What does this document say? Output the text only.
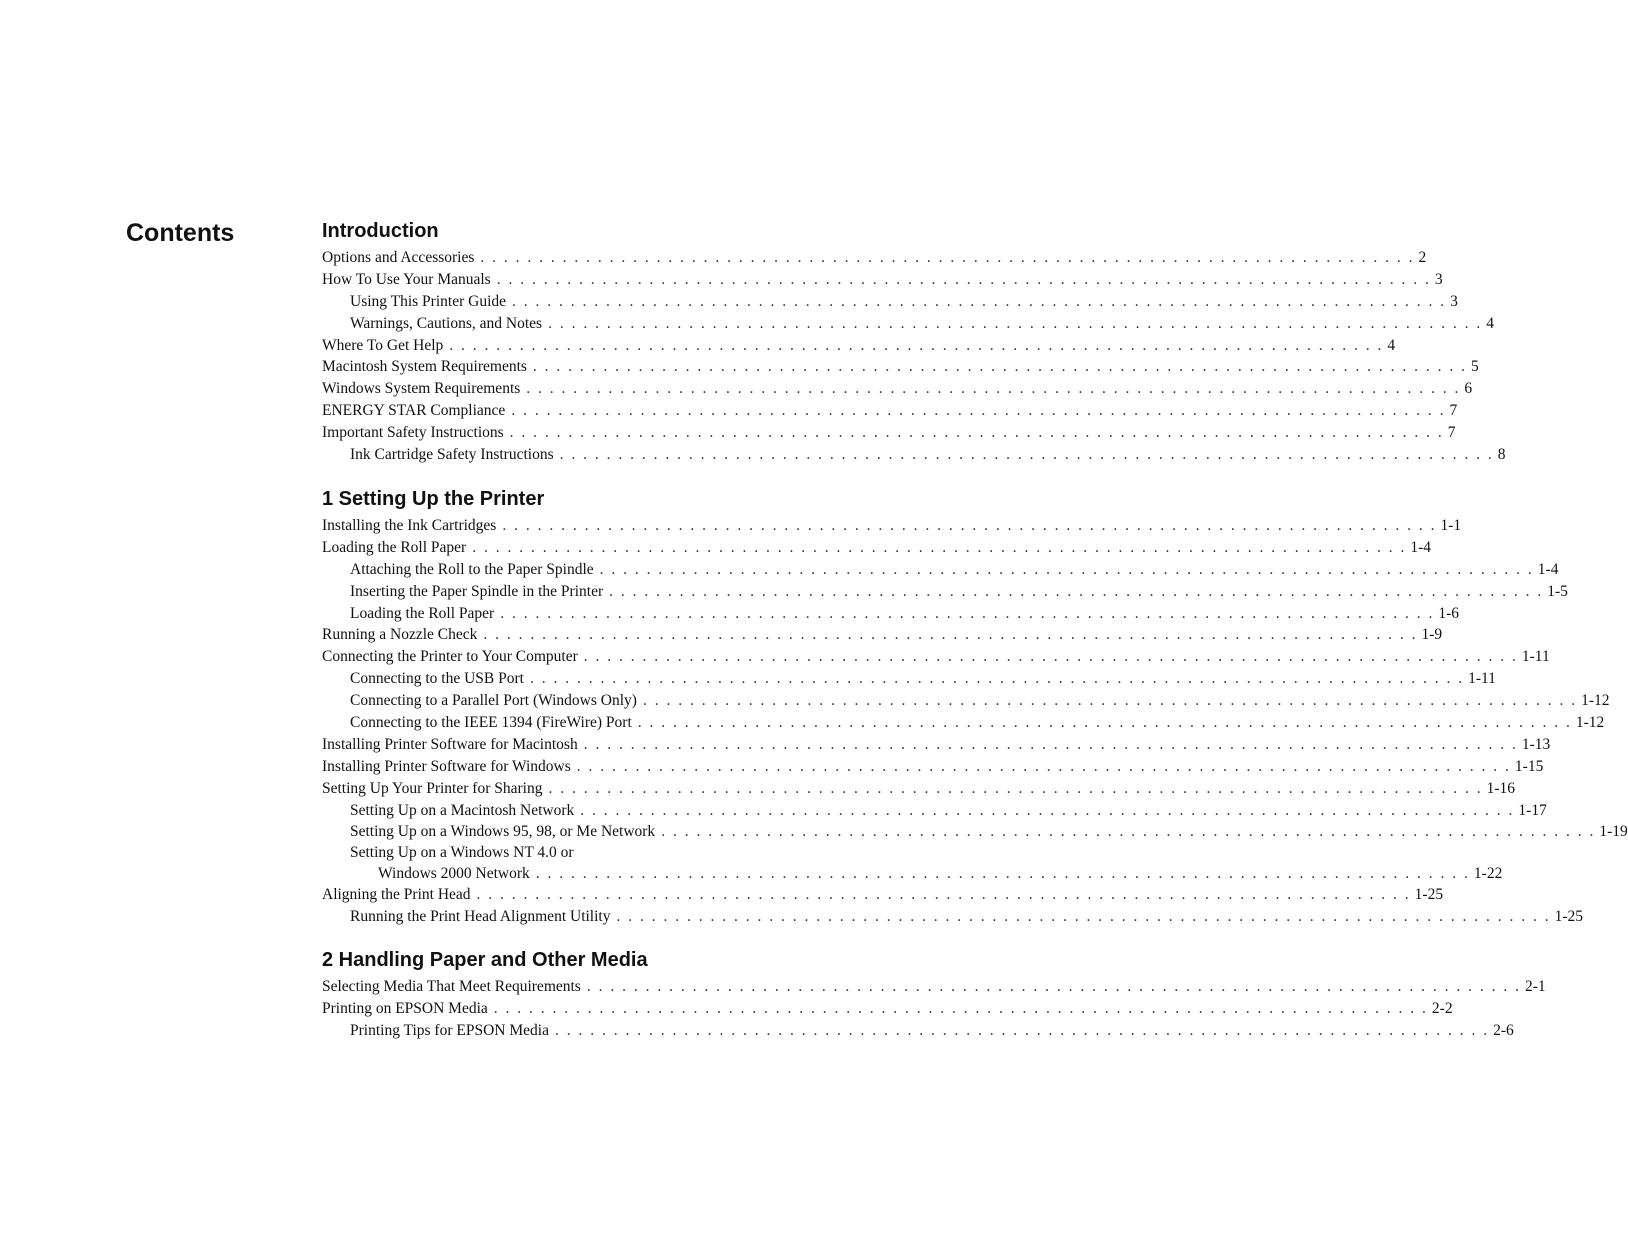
Contents	Introduction
Options and Accessories . . . . . . . . . . . . . . . . . . . . . . . . . . . . . . . . . . . . . . . . . . . . . . . . . . . . . . . . . . . . . . . . . . . . . . . . . . . . . . . . 2
How To Use Your Manuals . . . . . . . . . . . . . . . . . . . . . . . . . . . . . . . . . . . . . . . . . . . . . . . . . . . . . . . . . . . . . . . . . . . . . . . . . . . . . . . . 3
Using This Printer Guide . . . . . . . . . . . . . . . . . . . . . . . . . . . . . . . . . . . . . . . . . . . . . . . . . . . . . . . . . . . . . . . . . . . . . . . . . . . . . . . . 3
Warnings, Cautions, and Notes . . . . . . . . . . . . . . . . . . . . . . . . . . . . . . . . . . . . . . . . . . . . . . . . . . . . . . . . . . . . . . . . . . . . . . . . . . . . . . . . 4
Where To Get Help . . . . . . . . . . . . . . . . . . . . . . . . . . . . . . . . . . . . . . . . . . . . . . . . . . . . . . . . . . . . . . . . . . . . . . . . . . . . . . . . 4
Macintosh System Requirements . . . . . . . . . . . . . . . . . . . . . . . . . . . . . . . . . . . . . . . . . . . . . . . . . . . . . . . . . . . . . . . . . . . . . . . . . . . . . . . . 5
Windows System Requirements . . . . . . . . . . . . . . . . . . . . . . . . . . . . . . . . . . . . . . . . . . . . . . . . . . . . . . . . . . . . . . . . . . . . . . . . . . . . . . . . 6
ENERGY STAR Compliance . . . . . . . . . . . . . . . . . . . . . . . . . . . . . . . . . . . . . . . . . . . . . . . . . . . . . . . . . . . . . . . . . . . . . . . . . . . . . . . . 7
Important Safety Instructions . . . . . . . . . . . . . . . . . . . . . . . . . . . . . . . . . . . . . . . . . . . . . . . . . . . . . . . . . . . . . . . . . . . . . . . . . . . . . . . . 7
Ink Cartridge Safety Instructions . . . . . . . . . . . . . . . . . . . . . . . . . . . . . . . . . . . . . . . . . . . . . . . . . . . . . . . . . . . . . . . . . . . . . . . . . . . . . . . . 8
1 Setting Up the Printer
Installing the Ink Cartridges . . . . . . . . . . . . . . . . . . . . . . . . . . . . . . . . . . . . . . . . . . . . . . . . . . . . . . . . . . . . . . . . . . . . . . . . . . . . . . . . 1-1
Loading the Roll Paper . . . . . . . . . . . . . . . . . . . . . . . . . . . . . . . . . . . . . . . . . . . . . . . . . . . . . . . . . . . . . . . . . . . . . . . . . . . . . . . . 1-4
Attaching the Roll to the Paper Spindle . . . . . . . . . . . . . . . . . . . . . . . . . . . . . . . . . . . . . . . . . . . . . . . . . . . . . . . . . . . . . . . . . . . . . . . . . . . . . . . . 1-4
Inserting the Paper Spindle in the Printer . . . . . . . . . . . . . . . . . . . . . . . . . . . . . . . . . . . . . . . . . . . . . . . . . . . . . . . . . . . . . . . . . . . . . . . . . . . . . . . . 1-5
Loading the Roll Paper . . . . . . . . . . . . . . . . . . . . . . . . . . . . . . . . . . . . . . . . . . . . . . . . . . . . . . . . . . . . . . . . . . . . . . . . . . . . . . . . 1-6
Running a Nozzle Check . . . . . . . . . . . . . . . . . . . . . . . . . . . . . . . . . . . . . . . . . . . . . . . . . . . . . . . . . . . . . . . . . . . . . . . . . . . . . . . . 1-9
Connecting the Printer to Your Computer . . . . . . . . . . . . . . . . . . . . . . . . . . . . . . . . . . . . . . . . . . . . . . . . . . . . . . . . . . . . . . . . . . . . . . . . . . . . . . . . 1-11
Connecting to the USB Port . . . . . . . . . . . . . . . . . . . . . . . . . . . . . . . . . . . . . . . . . . . . . . . . . . . . . . . . . . . . . . . . . . . . . . . . . . . . . . . . 1-11
Connecting to a Parallel Port (Windows Only) . . . . . . . . . . . . . . . . . . . . . . . . . . . . . . . . . . . . . . . . . . . . . . . . . . . . . . . . . . . . . . . . . . . . . . . . . . . . . . . . 1-12
Connecting to the IEEE 1394 (FireWire) Port . . . . . . . . . . . . . . . . . . . . . . . . . . . . . . . . . . . . . . . . . . . . . . . . . . . . . . . . . . . . . . . . . . . . . . . . . . . . . . . . 1-12
Installing Printer Software for Macintosh . . . . . . . . . . . . . . . . . . . . . . . . . . . . . . . . . . . . . . . . . . . . . . . . . . . . . . . . . . . . . . . . . . . . . . . . . . . . . . . . 1-13
Installing Printer Software for Windows . . . . . . . . . . . . . . . . . . . . . . . . . . . . . . . . . . . . . . . . . . . . . . . . . . . . . . . . . . . . . . . . . . . . . . . . . . . . . . . . 1-15
Setting Up Your Printer for Sharing . . . . . . . . . . . . . . . . . . . . . . . . . . . . . . . . . . . . . . . . . . . . . . . . . . . . . . . . . . . . . . . . . . . . . . . . . . . . . . . . 1-16
Setting Up on a Macintosh Network . . . . . . . . . . . . . . . . . . . . . . . . . . . . . . . . . . . . . . . . . . . . . . . . . . . . . . . . . . . . . . . . . . . . . . . . . . . . . . . . 1-17
Setting Up on a Windows 95, 98, or Me Network . . . . . . . . . . . . . . . . . . . . . . . . . . . . . . . . . . . . . . . . . . . . . . . . . . . . . . . . . . . . . . . . . . . . . . . . . . . . . . . . 1-19
Setting Up on a Windows NT 4.0 or
Windows 2000 Network . . . . . . . . . . . . . . . . . . . . . . . . . . . . . . . . . . . . . . . . . . . . . . . . . . . . . . . . . . . . . . . . . . . . . . . . . . . . . . . . 1-22
Aligning the Print Head . . . . . . . . . . . . . . . . . . . . . . . . . . . . . . . . . . . . . . . . . . . . . . . . . . . . . . . . . . . . . . . . . . . . . . . . . . . . . . . . 1-25
Running the Print Head Alignment Utility . . . . . . . . . . . . . . . . . . . . . . . . . . . . . . . . . . . . . . . . . . . . . . . . . . . . . . . . . . . . . . . . . . . . . . . . . . . . . . . . 1-25
2 Handling Paper and Other Media
Selecting Media That Meet Requirements . . . . . . . . . . . . . . . . . . . . . . . . . . . . . . . . . . . . . . . . . . . . . . . . . . . . . . . . . . . . . . . . . . . . . . . . . . . . . . . . 2-1
Printing on EPSON Media . . . . . . . . . . . . . . . . . . . . . . . . . . . . . . . . . . . . . . . . . . . . . . . . . . . . . . . . . . . . . . . . . . . . . . . . . . . . . . . . 2-2
Printing Tips for EPSON Media . . . . . . . . . . . . . . . . . . . . . . . . . . . . . . . . . . . . . . . . . . . . . . . . . . . . . . . . . . . . . . . . . . . . . . . . . . . . . . . . 2-6
